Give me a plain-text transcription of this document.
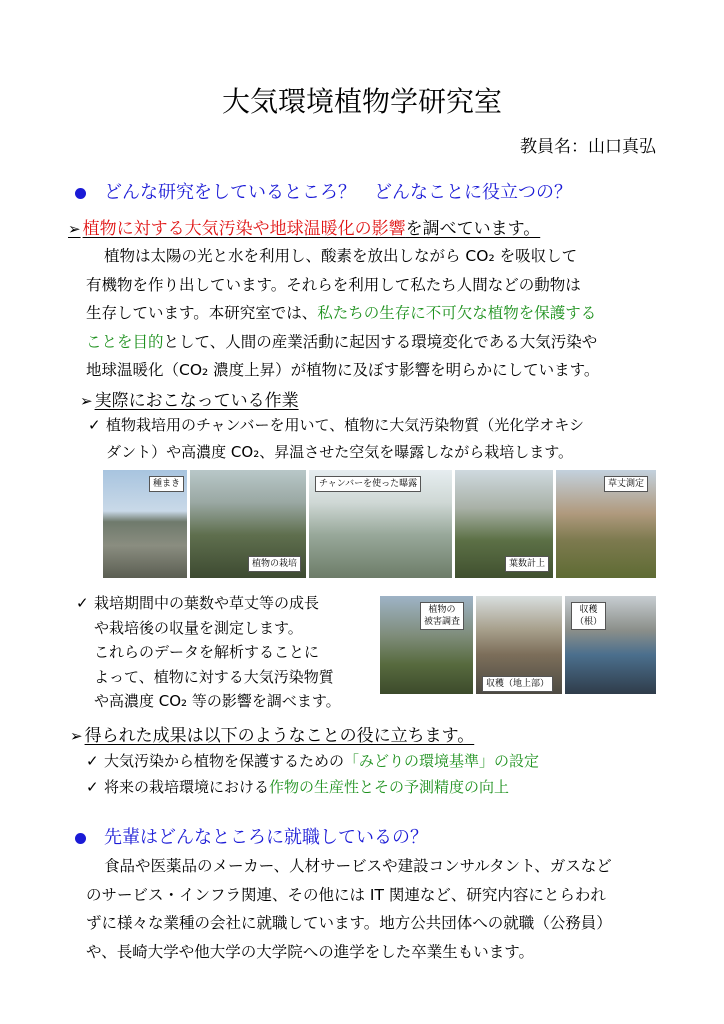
大気環境植物学研究室
教員名：山口真弘
どんな研究をしているところ？　どんなことに役立つの？
➢ 植物に対する大気汚染や地球温暖化の影響を調べています。
植物は太陽の光と水を利用し、酸素を放出しながら CO₂ を吸収して
有機物を作り出しています。それらを利用して私たち人間などの動物は
生存しています。本研究室では、私たちの生存に不可欠な植物を保護する
ことを目的として、人間の産業活動に起因する環境変化である大気汚染や
地球温暖化（CO₂ 濃度上昇）が植物に及ぼす影響を明らかにしています。
➢ 実際におこなっている作業
✓ 植物栽培用のチャンバーを用いて、植物に大気汚染物質（光化学オキシ
ダント）や高濃度 CO₂、昇温させた空気を曝露しながら栽培します。
種まき
植物の栽培
チャンバーを使った曝露
葉数計上
草丈測定
✓ 栽培期間中の葉数や草丈等の成長
や栽培後の収量を測定します。
これらのデータを解析することに
よって、植物に対する大気汚染物質
や高濃度 CO₂ 等の影響を調べます。
植物の
被害調査
収穫（地上部）
収穫
（根）
➢ 得られた成果は以下のようなことの役に立ちます。
✓ 大気汚染から植物を保護するための「みどりの環境基準」の設定
✓ 将来の栽培環境における作物の生産性とその予測精度の向上
先輩はどんなところに就職しているの？
食品や医薬品のメーカー、人材サービスや建設コンサルタント、ガスなど
のサービス・インフラ関連、その他には IT 関連など、研究内容にとらわれ
ずに様々な業種の会社に就職しています。地方公共団体への就職（公務員）
や、長崎大学や他大学の大学院への進学をした卒業生もいます。
